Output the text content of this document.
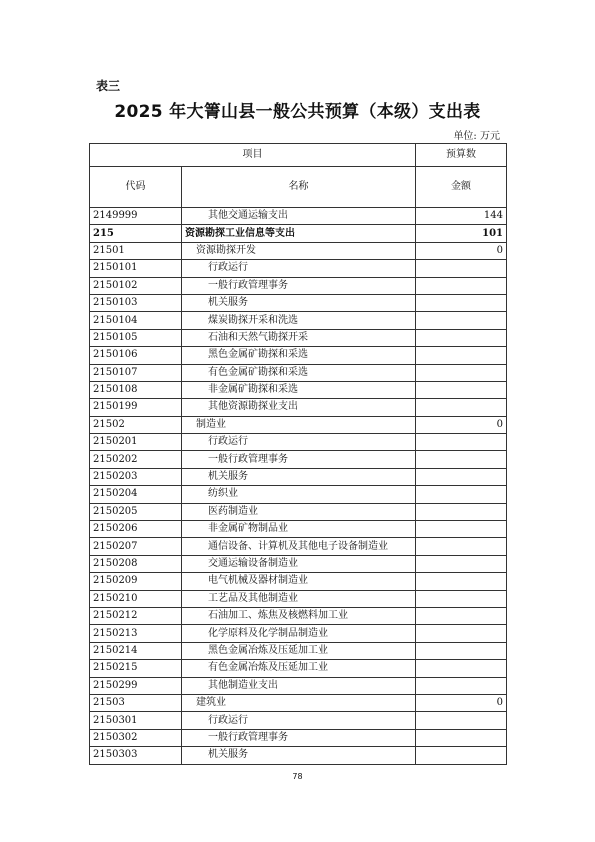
表三
2025 年大箐山县一般公共预算（本级）支出表
单位: 万元
项目		预算数
代码	名称	金额
2149999	其他交通运输支出	144
215	资源勘探工业信息等支出	101
21501	资源勘探开发	0
2150101	行政运行	
2150102	一般行政管理事务	
2150103	机关服务	
2150104	煤炭勘探开采和洗选	
2150105	石油和天然气勘探开采	
2150106	黑色金属矿勘探和采选	
2150107	有色金属矿勘探和采选	
2150108	非金属矿勘探和采选	
2150199	其他资源勘探业支出	
21502	制造业	0
2150201	行政运行	
2150202	一般行政管理事务	
2150203	机关服务	
2150204	纺织业	
2150205	医药制造业	
2150206	非金属矿物制品业	
2150207	通信设备、计算机及其他电子设备制造业	
2150208	交通运输设备制造业	
2150209	电气机械及器材制造业	
2150210	工艺品及其他制造业	
2150212	石油加工、炼焦及核燃料加工业	
2150213	化学原料及化学制品制造业	
2150214	黑色金属冶炼及压延加工业	
2150215	有色金属冶炼及压延加工业	
2150299	其他制造业支出	
21503	建筑业	0
2150301	行政运行	
2150302	一般行政管理事务	
2150303	机关服务	
78
